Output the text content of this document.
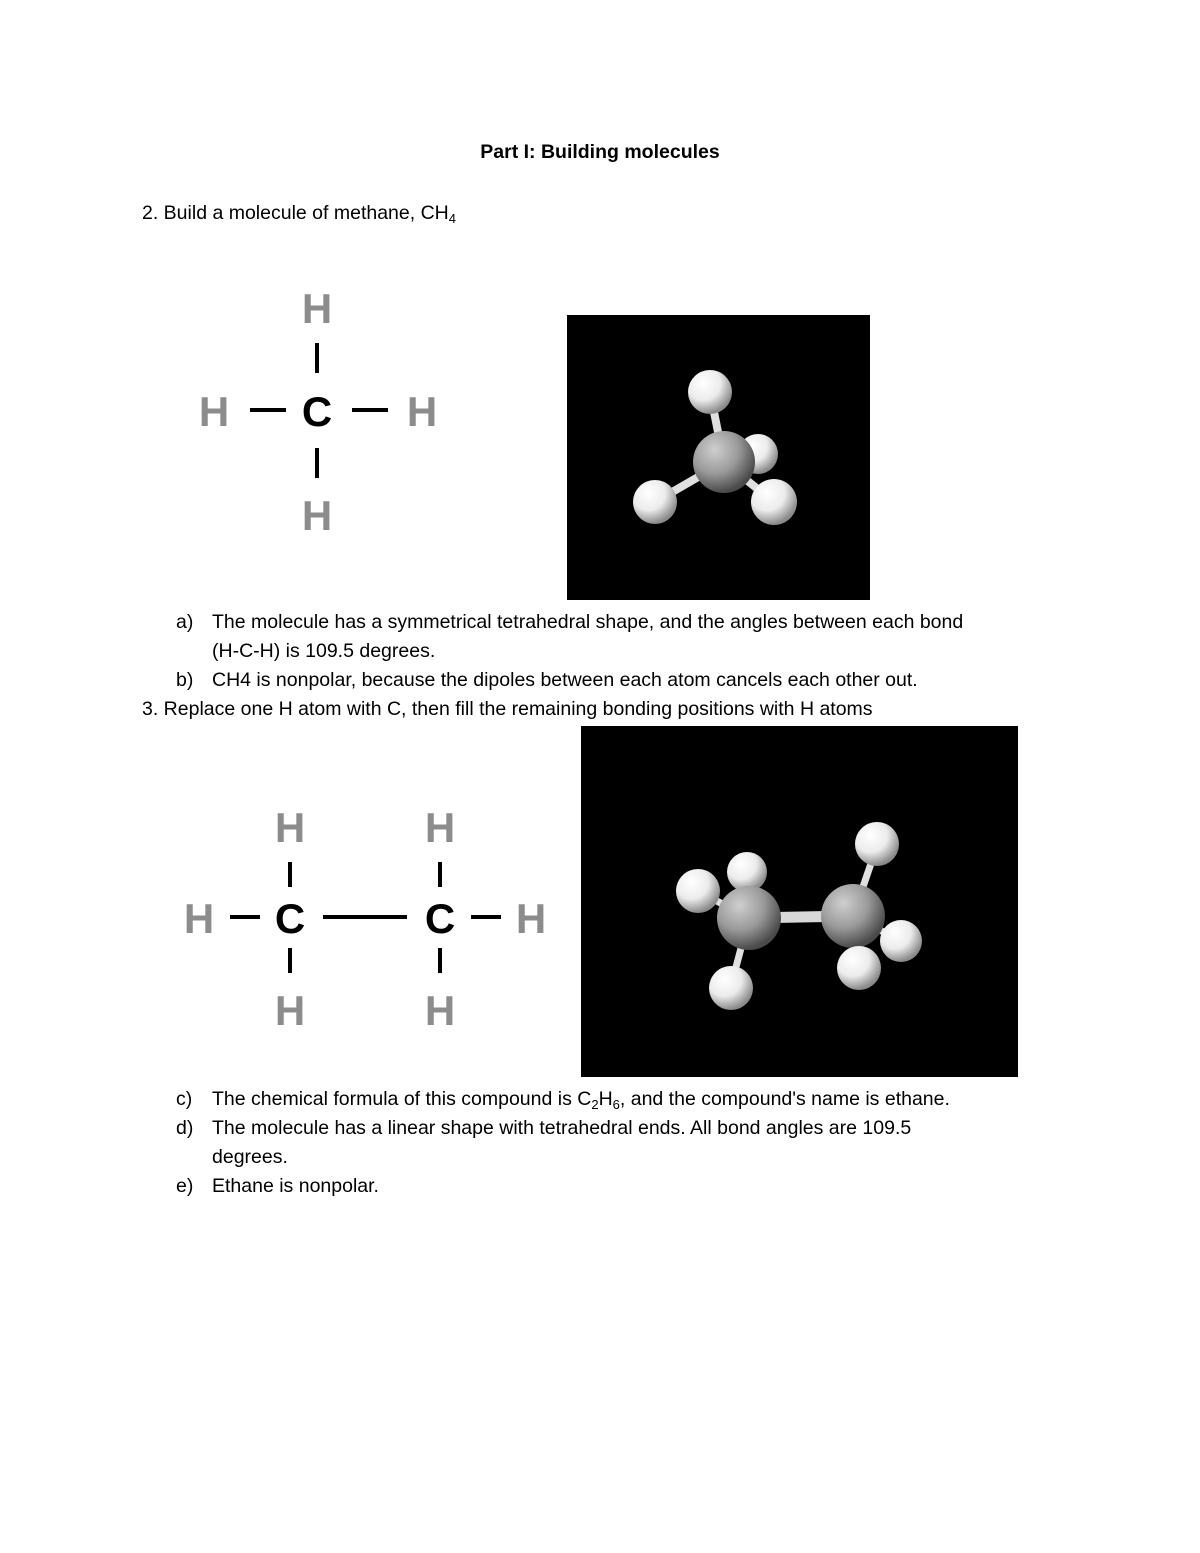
Part I: Building molecules
2. Build a molecule of methane, $CH_4$
H
H C H
H
a) The molecule has a symmetrical tetrahedral shape, and the angles between each bond
(H-C-H) is 109.5 degrees.
b) CH4 is nonpolar, because the dipoles between each atom cancels each other out.
3. Replace one H atom with C, then fill the remaining bonding positions with H atoms
H	H
H C	C H
H	H
c) The chemical formula of this compound is $C_2H_6$, and the compound's name is ethane.
d) The molecule has a linear shape with tetrahedral ends. All bond angles are 109.5
degrees.
e) Ethane is nonpolar.
